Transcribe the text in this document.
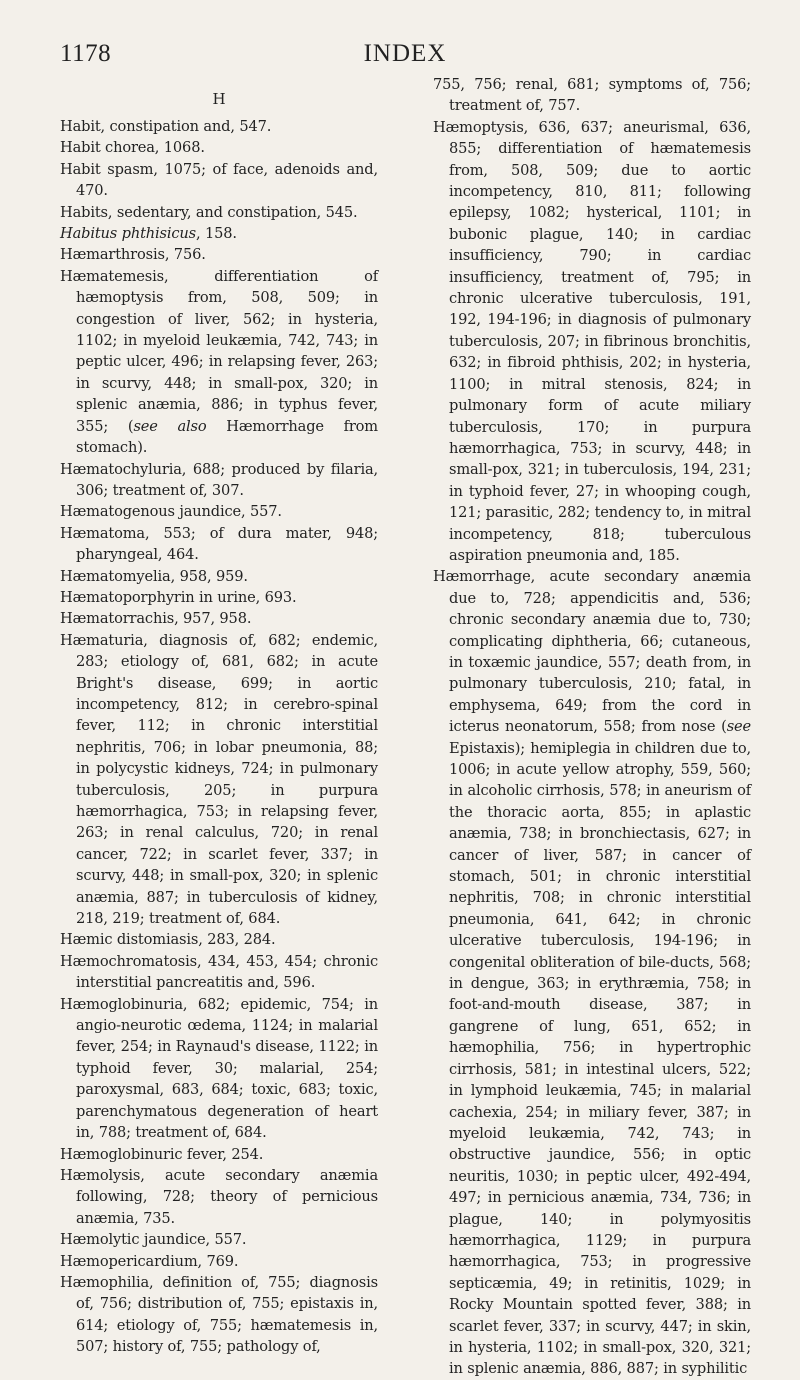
1178	INDEX
H

Habit, constipation and, 547.

Habit chorea, 1068.

Habit spasm, 1075; of face, adenoids and, 470.

Habits, sedentary, and constipation, 545.

Habitus phthisicus, 158.

Hæmarthrosis, 756.

Hæmatemesis, differentiation of hæmoptysis from, 508, 509; in congestion of liver, 562; in hysteria, 1102; in myeloid leukæmia, 742, 743; in peptic ulcer, 496; in relapsing fever, 263; in scurvy, 448; in small-pox, 320; in splenic anæmia, 886; in typhus fever, 355; (see also Hæmorrhage from stomach).

Hæmatochyluria, 688; produced by filaria, 306; treatment of, 307.

Hæmatogenous jaundice, 557.

Hæmatoma, 553; of dura mater, 948; pharyngeal, 464.

Hæmatomyelia, 958, 959.

Hæmatoporphyrin in urine, 693.

Hæmatorrachis, 957, 958.

Hæmaturia, diagnosis of, 682; endemic, 283; etiology of, 681, 682; in acute Bright's disease, 699; in aortic incompetency, 812; in cerebro-spinal fever, 112; in chronic interstitial nephritis, 706; in lobar pneumonia, 88; in polycystic kidneys, 724; in pulmonary tuberculosis, 205; in purpura hæmorrhagica, 753; in relapsing fever, 263; in renal calculus, 720; in renal cancer, 722; in scarlet fever, 337; in scurvy, 448; in small-pox, 320; in splenic anæmia, 887; in tuberculosis of kidney, 218, 219; treatment of, 684.

Hæmic distomiasis, 283, 284.

Hæmochromatosis, 434, 453, 454; chronic interstitial pancreatitis and, 596.

Hæmoglobinuria, 682; epidemic, 754; in angio-neurotic œdema, 1124; in malarial fever, 254; in Raynaud's disease, 1122; in typhoid fever, 30; malarial, 254; paroxysmal, 683, 684; toxic, 683; toxic, parenchymatous degeneration of heart in, 788; treatment of, 684.

Hæmoglobinuric fever, 254.

Hæmolysis, acute secondary anæmia following, 728; theory of pernicious anæmia, 735.

Hæmolytic jaundice, 557.

Hæmopericardium, 769.

Hæmophilia, definition of, 755; diagnosis of, 756; distribution of, 755; epistaxis in, 614; etiology of, 755; hæmatemesis in, 507; history of, 755; pathology of,

755, 756; renal, 681; symptoms of, 756; treatment of, 757.

Hæmoptysis, 636, 637; aneurismal, 636, 855; differentiation of hæmatemesis from, 508, 509; due to aortic incompetency, 810, 811; following epilepsy, 1082; hysterical, 1101; in bubonic plague, 140; in cardiac insufficiency, 790; in cardiac insufficiency, treatment of, 795; in chronic ulcerative tuberculosis, 191, 192, 194-196; in diagnosis of pulmonary tuberculosis, 207; in fibrinous bronchitis, 632; in fibroid phthisis, 202; in hysteria, 1100; in mitral stenosis, 824; in pulmonary form of acute miliary tuberculosis, 170; in purpura hæmorrhagica, 753; in scurvy, 448; in small-pox, 321; in tuberculosis, 194, 231; in typhoid fever, 27; in whooping cough, 121; parasitic, 282; tendency to, in mitral incompetency, 818; tuberculous aspiration pneumonia and, 185.

Hæmorrhage, acute secondary anæmia due to, 728; appendicitis and, 536; chronic secondary anæmia due to, 730; complicating diphtheria, 66; cutaneous, in toxæmic jaundice, 557; death from, in pulmonary tuberculosis, 210; fatal, in emphysema, 649; from the cord in icterus neonatorum, 558; from nose (see Epistaxis); hemiplegia in children due to, 1006; in acute yellow atrophy, 559, 560; in alcoholic cirrhosis, 578; in aneurism of the thoracic aorta, 855; in aplastic anæmia, 738; in bronchiectasis, 627; in cancer of liver, 587; in cancer of stomach, 501; in chronic interstitial nephritis, 708; in chronic interstitial pneumonia, 641, 642; in chronic ulcerative tuberculosis, 194-196; in congenital obliteration of bile-ducts, 568; in dengue, 363; in erythræmia, 758; in foot-and-mouth disease, 387; in gangrene of lung, 651, 652; in hæmophilia, 756; in hypertrophic cirrhosis, 581; in intestinal ulcers, 522; in lymphoid leukæmia, 745; in malarial cachexia, 254; in miliary fever, 387; in myeloid leukæmia, 742, 743; in obstructive jaundice, 556; in optic neuritis, 1030; in peptic ulcer, 492-494, 497; in pernicious anæmia, 734, 736; in plague, 140; in polymyositis hæmorrhagica, 1129; in purpura hæmorrhagica, 753; in progressive septicæmia, 49; in retinitis, 1029; in Rocky Mountain spotted fever, 388; in scarlet fever, 337; in scurvy, 447; in skin, in hysteria, 1102; in small-pox, 320, 321; in splenic anæmia, 886, 887; in syphilitic
